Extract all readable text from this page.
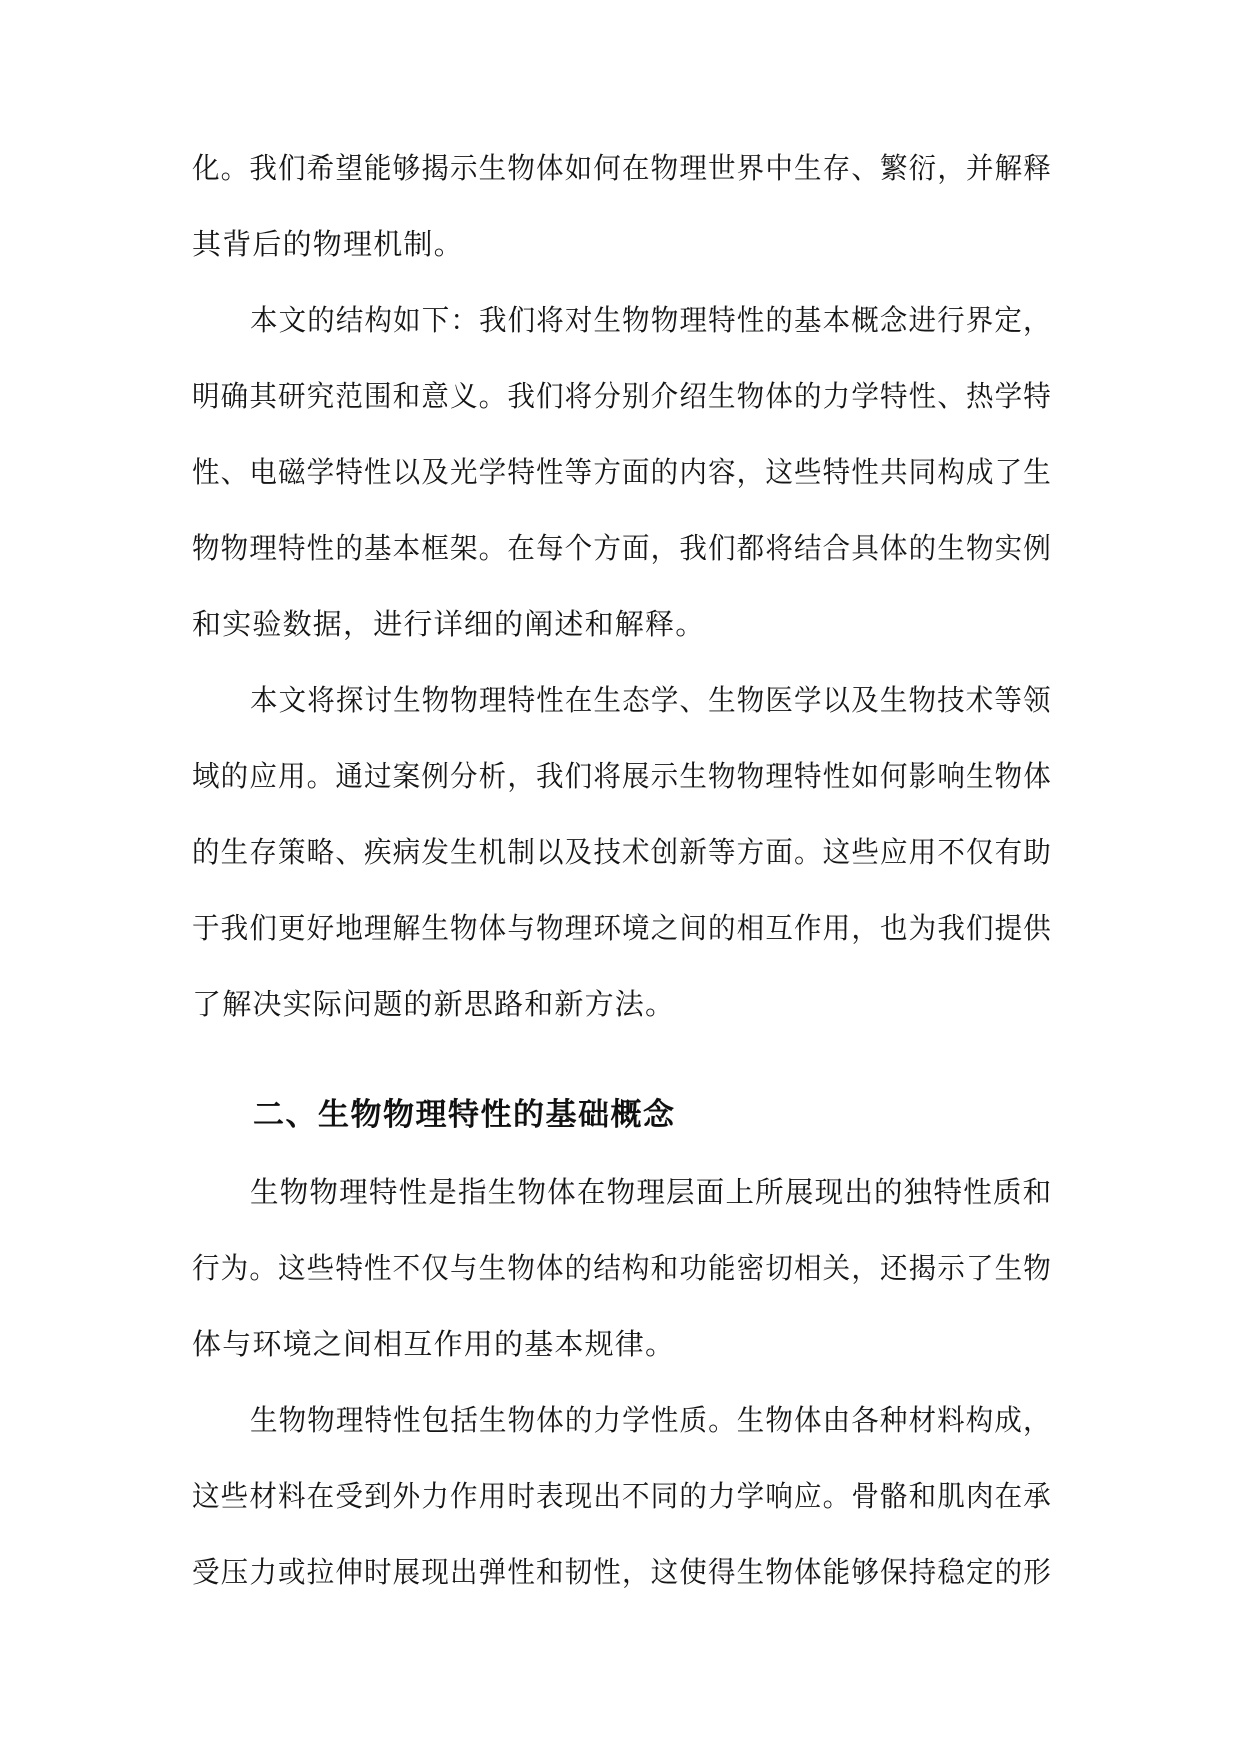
化。我们希望能够揭示生物体如何在物理世界中生存、繁衍，并解释
其背后的物理机制。
本文的结构如下：我们将对生物物理特性的基本概念进行界定，
明确其研究范围和意义。我们将分别介绍生物体的力学特性、热学特
性、电磁学特性以及光学特性等方面的内容，这些特性共同构成了生
物物理特性的基本框架。在每个方面，我们都将结合具体的生物实例
和实验数据，进行详细的阐述和解释。
本文将探讨生物物理特性在生态学、生物医学以及生物技术等领
域的应用。通过案例分析，我们将展示生物物理特性如何影响生物体
的生存策略、疾病发生机制以及技术创新等方面。这些应用不仅有助
于我们更好地理解生物体与物理环境之间的相互作用，也为我们提供
了解决实际问题的新思路和新方法。
二、生物物理特性的基础概念
生物物理特性是指生物体在物理层面上所展现出的独特性质和
行为。这些特性不仅与生物体的结构和功能密切相关，还揭示了生物
体与环境之间相互作用的基本规律。
生物物理特性包括生物体的力学性质。生物体由各种材料构成，
这些材料在受到外力作用时表现出不同的力学响应。骨骼和肌肉在承
受压力或拉伸时展现出弹性和韧性，这使得生物体能够保持稳定的形
